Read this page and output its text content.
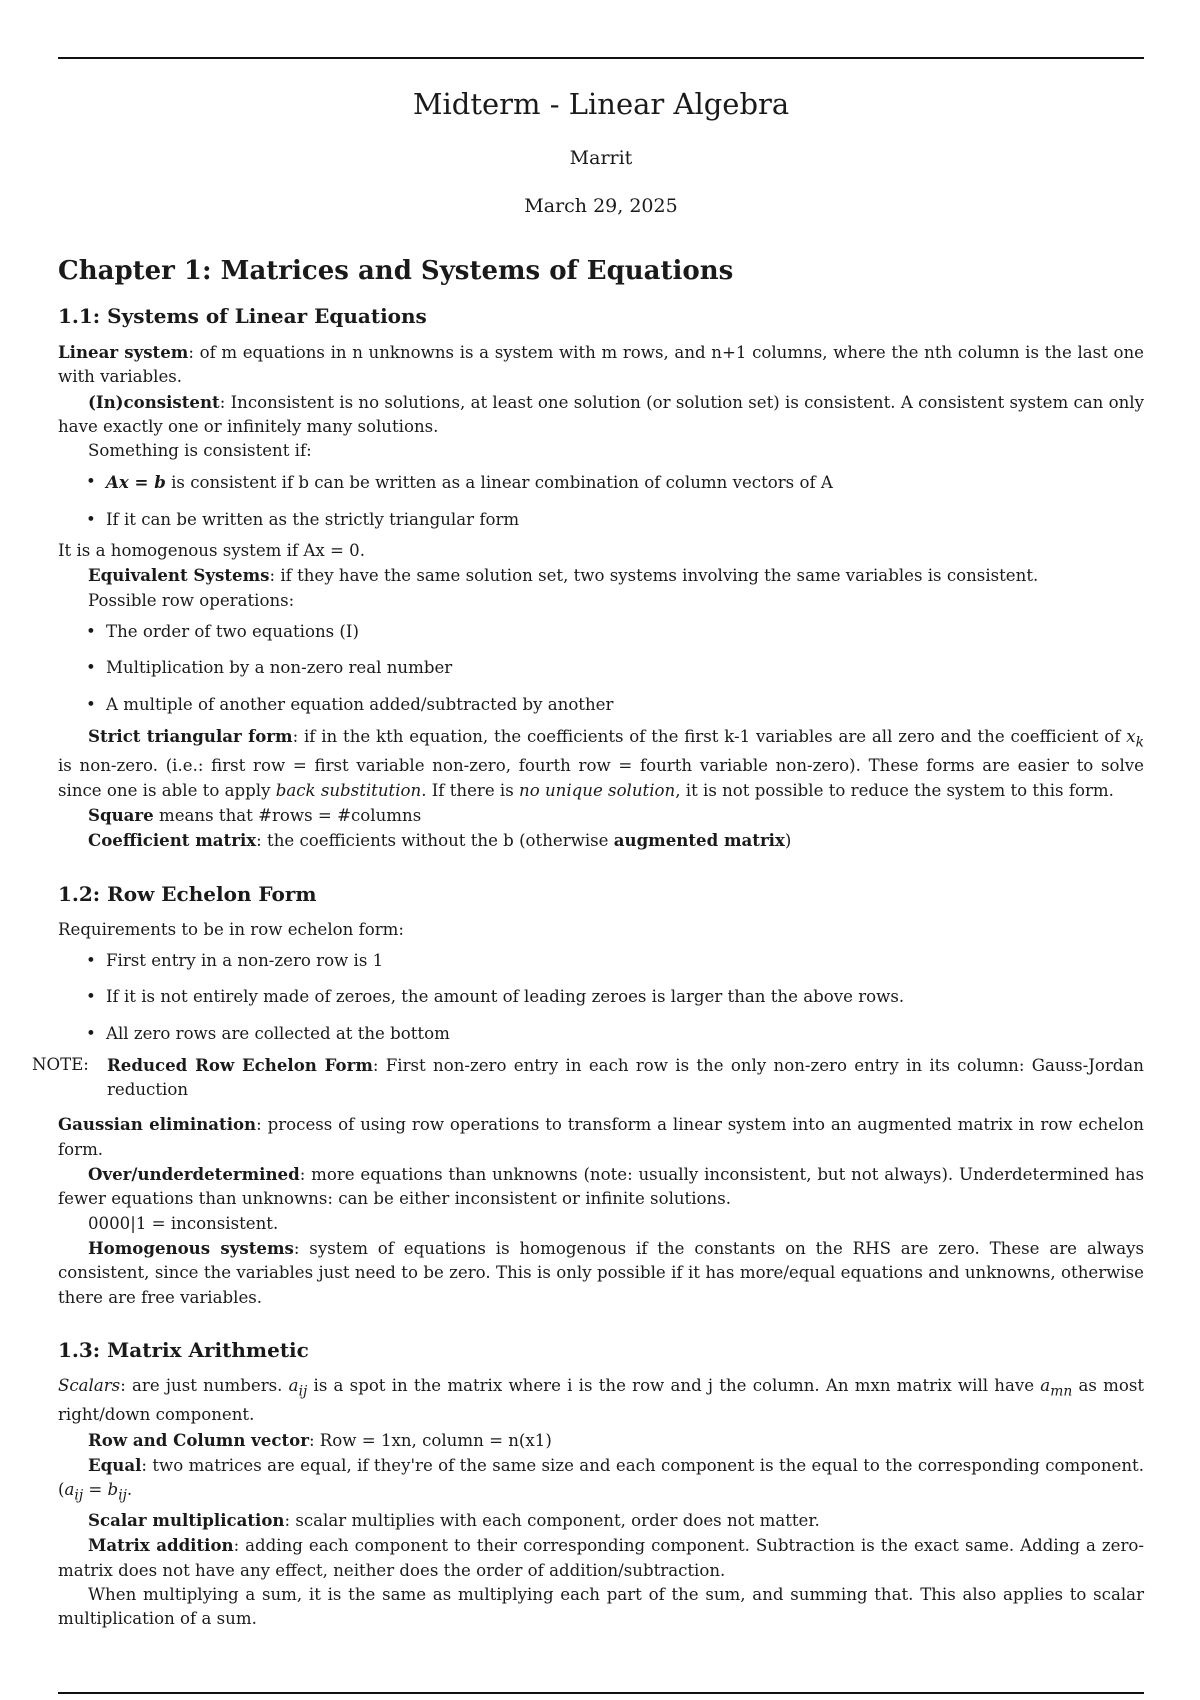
Midterm - Linear Algebra
Marrit
March 29, 2025
Chapter 1: Matrices and Systems of Equations
1.1: Systems of Linear Equations

Linear system: of m equations in n unknowns is a system with m rows, and n+1 columns, where the nth column is the last one with variables.

(In)consistent: Inconsistent is no solutions, at least one solution (or solution set) is consistent. A consistent system can only have exactly one or infinitely many solutions.

Something is consistent if:

• Ax = b is consistent if b can be written as a linear combination of column vectors of A
• If it can be written as the strictly triangular form

It is a homogenous system if Ax = 0.

Equivalent Systems: if they have the same solution set, two systems involving the same variables is consistent.

Possible row operations:

• The order of two equations (I)
• Multiplication by a non-zero real number
• A multiple of another equation added/subtracted by another

Strict triangular form: if in the kth equation, the coefficients of the first k-1 variables are all zero and the coefficient of $x_k$ is non-zero. (i.e.: first row = first variable non-zero, fourth row = fourth variable non-zero). These forms are easier to solve since one is able to apply back substitution. If there is no unique solution, it is not possible to reduce the system to this form.

Square means that #rows = #columns

Coefficient matrix: the coefficients without the b (otherwise augmented matrix)

1.2: Row Echelon Form

Requirements to be in row echelon form:

• First entry in a non-zero row is 1
• If it is not entirely made of zeroes, the amount of leading zeroes is larger than the above rows.
• All zero rows are collected at the bottom

NOTE: Reduced Row Echelon Form: First non-zero entry in each row is the only non-zero entry in its column: Gauss-Jordan reduction

Gaussian elimination: process of using row operations to transform a linear system into an augmented matrix in row echelon form.

Over/underdetermined: more equations than unknowns (note: usually inconsistent, but not always). Underdetermined has fewer equations than unknowns: can be either inconsistent or infinite solutions.

0000|1 = inconsistent.

Homogenous systems: system of equations is homogenous if the constants on the RHS are zero. These are always consistent, since the variables just need to be zero. This is only possible if it has more/equal equations and unknowns, otherwise there are free variables.

1.3: Matrix Arithmetic

Scalars: are just numbers. $a_{ij}$ is a spot in the matrix where i is the row and j the column. An mxn matrix will have $a_{mn}$ as most right/down component.

Row and Column vector: Row = 1xn, column = n(x1)

Equal: two matrices are equal, if they're of the same size and each component is the equal to the corresponding component. ($a_{ij} = b_{ij}$.

Scalar multiplication: scalar multiplies with each component, order does not matter.

Matrix addition: adding each component to their corresponding component. Subtraction is the exact same. Adding a zero-matrix does not have any effect, neither does the order of addition/subtraction.

When multiplying a sum, it is the same as multiplying each part of the sum, and summing that. This also applies to scalar multiplication of a sum.
